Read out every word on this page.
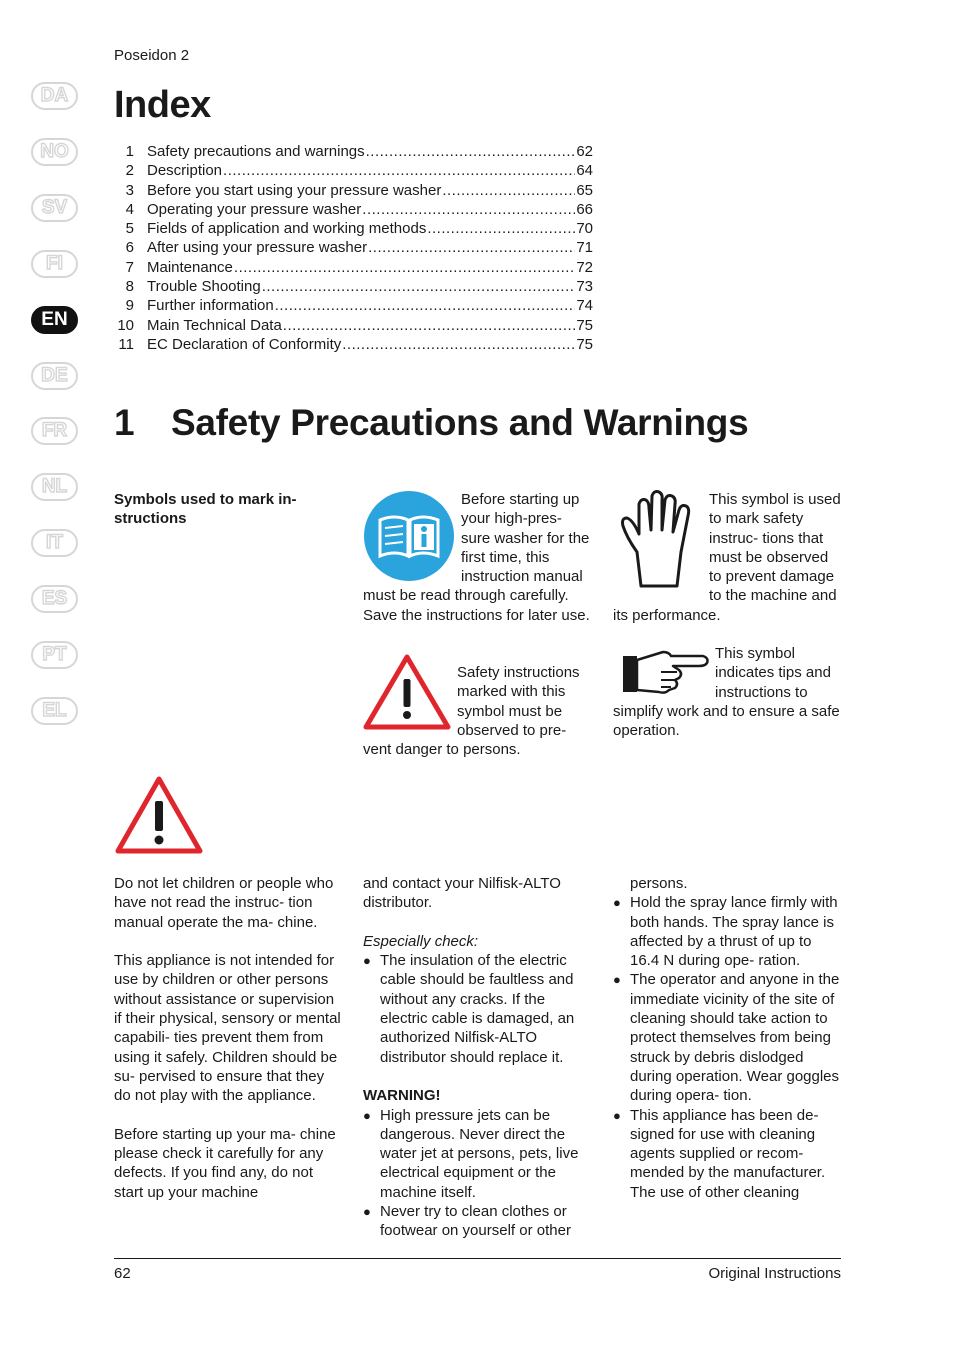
Poseidon 2
Index
1 Safety precautions and warnings .....	62
2 Description .....	64
3 Before you start using your pressure washer .....	65
4 Operating your pressure washer .....	66
5 Fields of application and working methods .....	70
6 After using your pressure washer .....	71
7 Maintenance .....	72
8 Trouble Shooting .....	73
9 Further information .....	74
10 Main Technical Data .....	75
11 EC Declaration of Conformity .....	75
DA
NO
SV
FI
EN
DE
FR
NL
IT
ES
PT
EL
1 Safety Precautions and Warnings
Symbols used to mark in-
structions
Before starting up your high-pres- sure washer for the first time, this instruction manual must be read through carefully. Save the instructions for later use.
This symbol is used to mark safety instruc- tions that must be observed to prevent damage to the machine and its performance.
Safety instructions marked with this symbol must be observed to pre- vent danger to persons.
This symbol indicates tips and instructions to simplify work and to ensure a safe operation.
Do not let children or people who have not read the instruc- tion manual operate the ma- chine.
This appliance is not intended for use by children or other persons without assistance or supervision if their physical, sensory or mental capabili- ties prevent them from using it safely. Children should be su- pervised to ensure that they do not play with the appliance.
Before starting up your ma- chine please check it carefully for any defects. If you find any, do not start up your machine
and contact your Nilfisk-ALTO distributor.
Especially check:
● The insulation of the electric cable should be faultless and without any cracks. If the electric cable is damaged, an authorized Nilfisk-ALTO distributor should replace it.
WARNING!
● High pressure jets can be dangerous. Never direct the water jet at persons, pets, live electrical equipment or the machine itself.
● Never try to clean clothes or footwear on yourself or other
persons.
● Hold the spray lance firmly with both hands. The spray lance is affected by a thrust of up to 16.4 N during ope- ration.
● The operator and anyone in the immediate vicinity of the site of cleaning should take action to protect themselves from being struck by debris dislodged during operation. Wear goggles during opera- tion.
● This appliance has been de- signed for use with cleaning agents supplied or recom- mended by the manufacturer. The use of other cleaning
62	Original Instructions
